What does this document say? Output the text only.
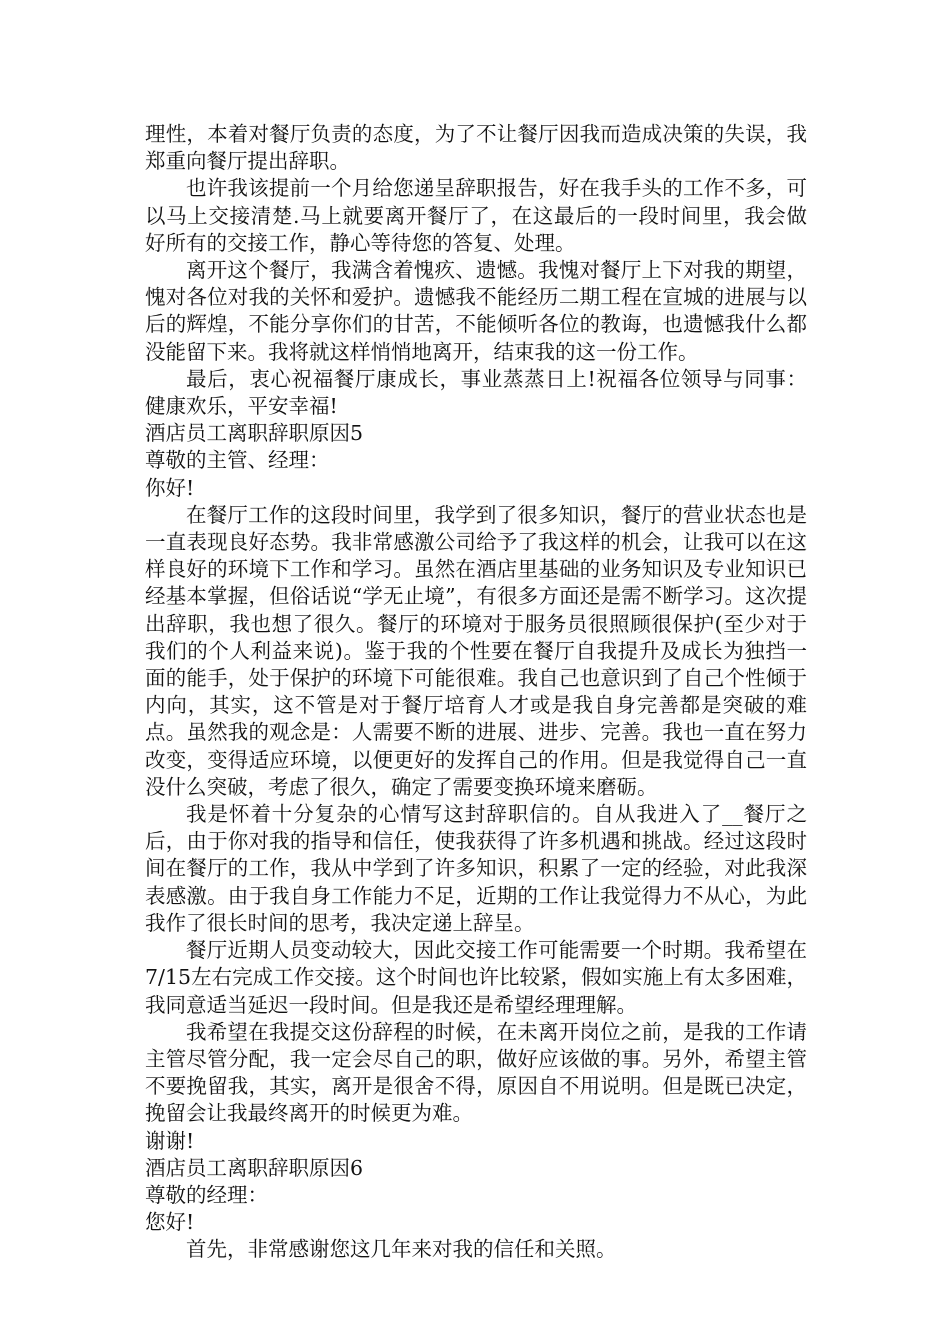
理性，本着对餐厅负责的态度，为了不让餐厅因我而造成决策的失误，我郑重向餐厅提出辞职。

也许我该提前一个月给您递呈辞职报告，好在我手头的工作不多，可以马上交接清楚.马上就要离开餐厅了，在这最后的一段时间里，我会做好所有的交接工作，静心等待您的答复、处理。

离开这个餐厅，我满含着愧疚、遗憾。我愧对餐厅上下对我的期望，愧对各位对我的关怀和爱护。遗憾我不能经历二期工程在宣城的进展与以后的辉煌，不能分享你们的甘苦，不能倾听各位的教诲，也遗憾我什么都没能留下来。我将就这样悄悄地离开，结束我的这一份工作。

最后，衷心祝福餐厅康成长，事业蒸蒸日上!祝福各位领导与同事：健康欢乐，平安幸福!

酒店员工离职辞职原因5

尊敬的主管、经理：

你好!

在餐厅工作的这段时间里，我学到了很多知识，餐厅的营业状态也是一直表现良好态势。我非常感激公司给予了我这样的机会，让我可以在这样良好的环境下工作和学习。虽然在酒店里基础的业务知识及专业知识已经基本掌握，但俗话说“学无止境”，有很多方面还是需不断学习。这次提出辞职，我也想了很久。餐厅的环境对于服务员很照顾很保护(至少对于我们的个人利益来说)。鉴于我的个性要在餐厅自我提升及成长为独挡一面的能手，处于保护的环境下可能很难。我自己也意识到了自己个性倾于内向，其实，这不管是对于餐厅培育人才或是我自身完善都是突破的难点。虽然我的观念是：人需要不断的进展、进步、完善。我也一直在努力改变，变得适应环境，以便更好的发挥自己的作用。但是我觉得自己一直没什么突破，考虑了很久，确定了需要变换环境来磨砺。

我是怀着十分复杂的心情写这封辞职信的。自从我进入了__餐厅之后，由于你对我的指导和信任，使我获得了许多机遇和挑战。经过这段时间在餐厅的工作，我从中学到了许多知识，积累了一定的经验，对此我深表感激。由于我自身工作能力不足，近期的工作让我觉得力不从心，为此我作了很长时间的思考，我决定递上辞呈。

餐厅近期人员变动较大，因此交接工作可能需要一个时期。我希望在7/15左右完成工作交接。这个时间也许比较紧，假如实施上有太多困难，我同意适当延迟一段时间。但是我还是希望经理理解。

我希望在我提交这份辞程的时候，在未离开岗位之前，是我的工作请主管尽管分配，我一定会尽自己的职，做好应该做的事。另外，希望主管不要挽留我，其实，离开是很舍不得，原因自不用说明。但是既已决定，挽留会让我最终离开的时候更为难。

谢谢!

酒店员工离职辞职原因6

尊敬的经理：

您好!

首先，非常感谢您这几年来对我的信任和关照。
